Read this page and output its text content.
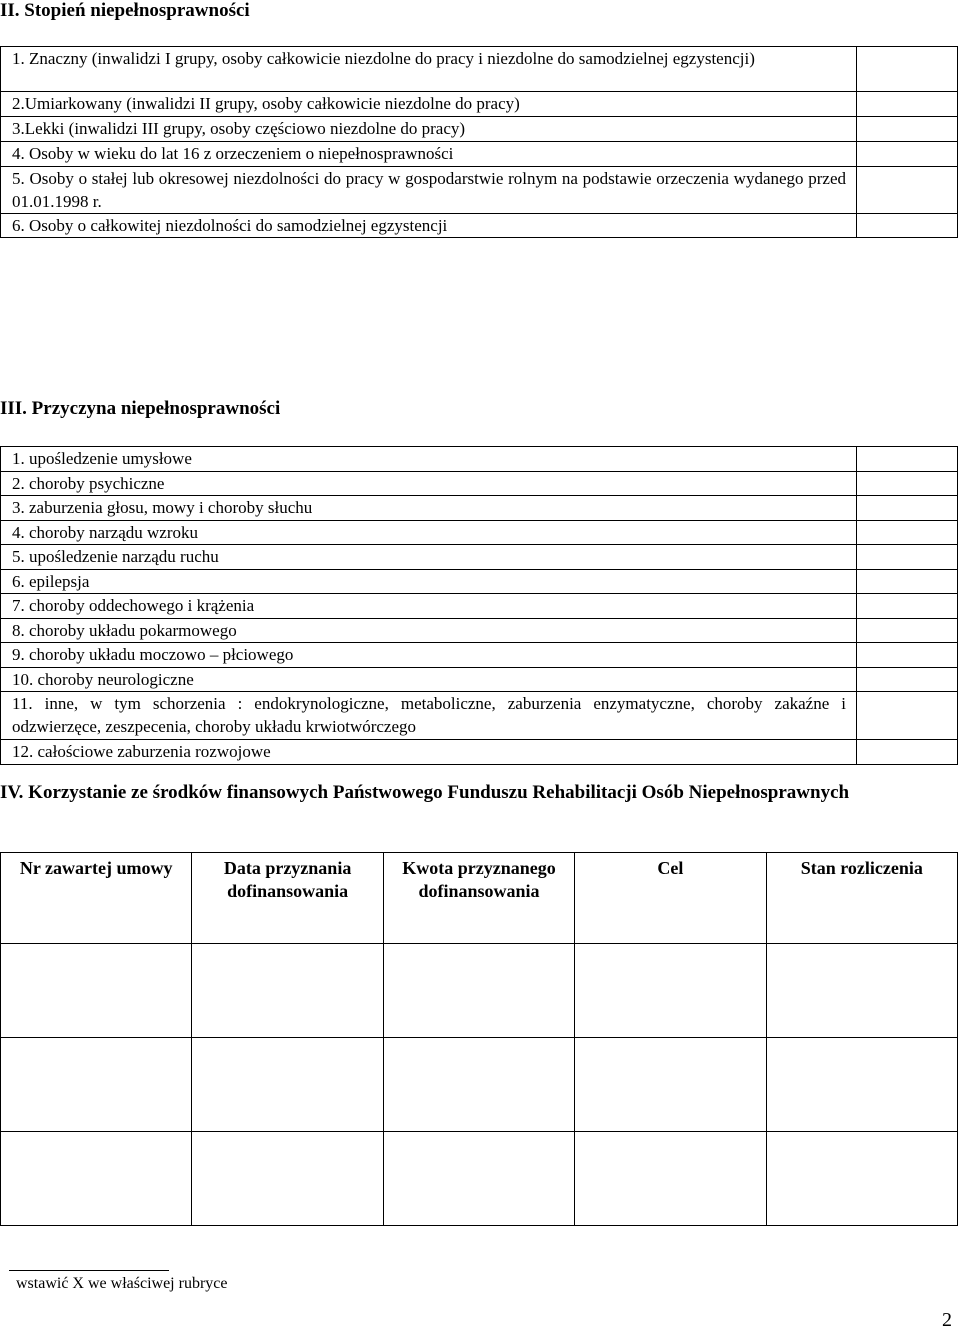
II. Stopień niepełnosprawności
1. Znaczny (inwalidzi I grupy, osoby całkowicie niezdolne do pracy i niezdolne do samodzielnej egzystencji)	
2.Umiarkowany (inwalidzi II grupy, osoby całkowicie niezdolne do pracy)	
3.Lekki (inwalidzi III grupy, osoby częściowo niezdolne do pracy)	
4. Osoby w wieku do lat 16 z orzeczeniem o niepełnosprawności	
5. Osoby o stałej lub okresowej niezdolności do pracy w gospodarstwie rolnym na podstawie orzeczenia wydanego przed 01.01.1998 r.	
6. Osoby o całkowitej niezdolności do samodzielnej egzystencji	
III. Przyczyna niepełnosprawności
1. upośledzenie umysłowe	
2. choroby psychiczne	
3. zaburzenia głosu, mowy i choroby słuchu	
4. choroby narządu wzroku	
5. upośledzenie narządu ruchu	
6. epilepsja	
7. choroby oddechowego i krążenia	
8. choroby układu pokarmowego	
9. choroby układu moczowo – płciowego	
10. choroby neurologiczne	
11. inne, w tym schorzenia : endokrynologiczne, metaboliczne, zaburzenia enzymatyczne, choroby zakaźne i odzwierzęce, zeszpecenia, choroby układu krwiotwórczego	
12. całościowe zaburzenia rozwojowe	
IV. Korzystanie ze środków finansowych Państwowego Funduszu Rehabilitacji Osób Niepełnosprawnych
Nr zawartej umowy	Data przyznania dofinansowania	Kwota przyznanego dofinansowania	Cel	Stan rozliczenia

wstawić X we właściwej rubryce
2
